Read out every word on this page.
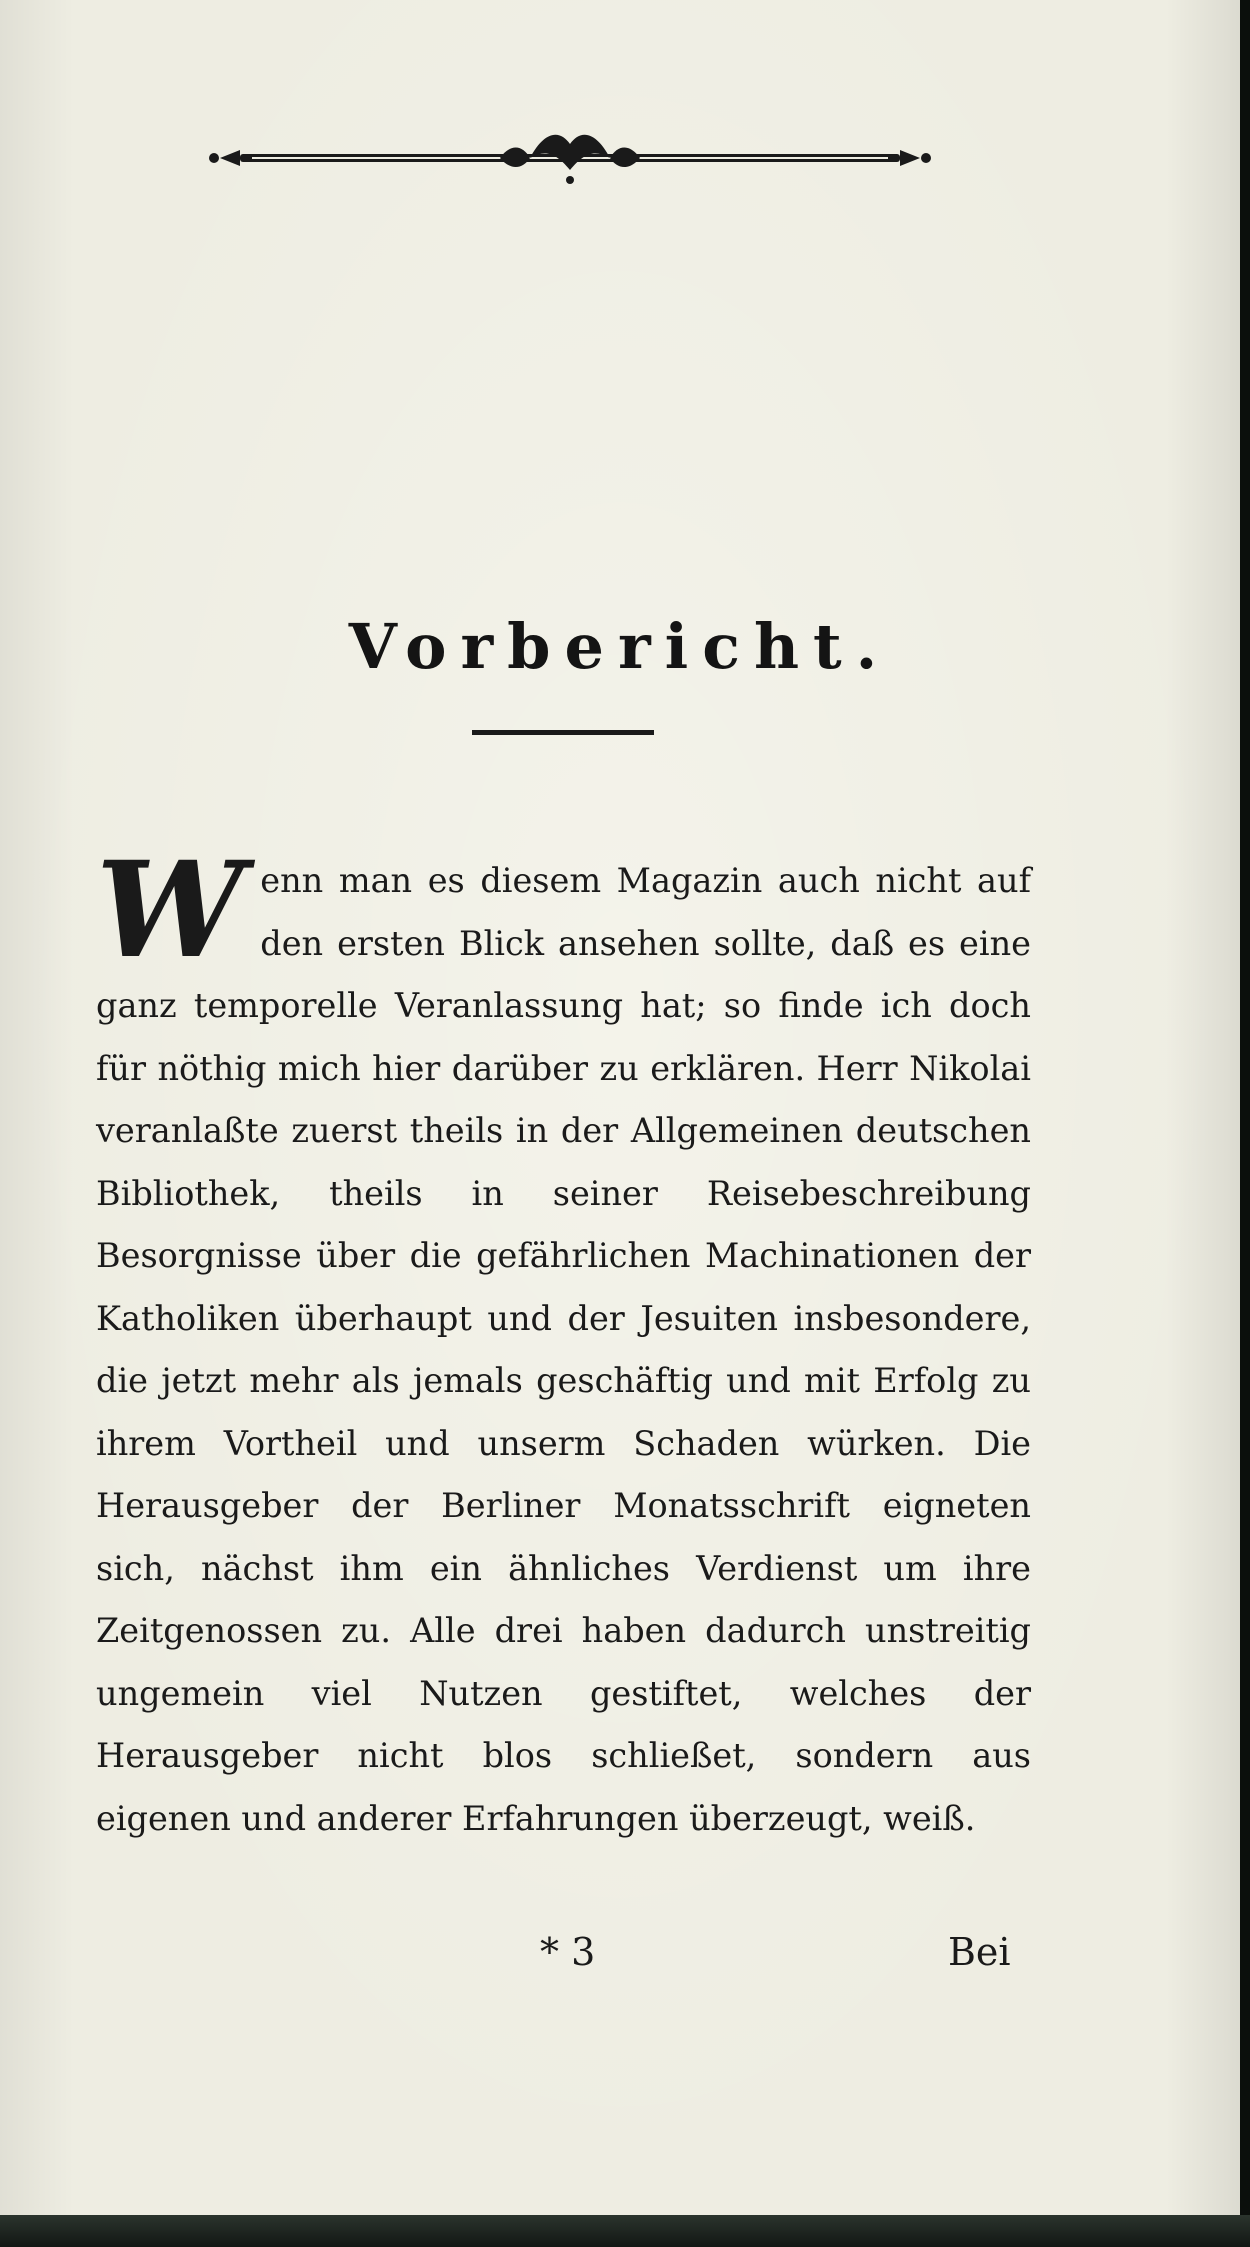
Vorbericht.
Wenn man es diesem Magazin auch nicht auf den ersten Blick ansehen sollte, daß es eine ganz temporelle Veranlassung hat; so finde ich doch für nöthig mich hier darüber zu erklären. Herr Nikolai veranlaßte zuerst theils in der Allgemeinen deutschen Bibliothek, theils in seiner Reisebeschreibung Besorgnisse über die gefährlichen Machinationen der Katholiken überhaupt und der Jesuiten insbesondere, die jetzt mehr als jemals geschäftig und mit Erfolg zu ihrem Vortheil und unserm Schaden würken. Die Herausgeber der Berliner Monatsschrift eigneten sich, nächst ihm ein ähnliches Verdienst um ihre Zeitgenossen zu. Alle drei haben dadurch unstreitig ungemein viel Nutzen gestiftet, welches der Herausgeber nicht blos schließet, sondern aus eigenen und anderer Erfahrungen überzeugt, weiß.
* 3	Bei
